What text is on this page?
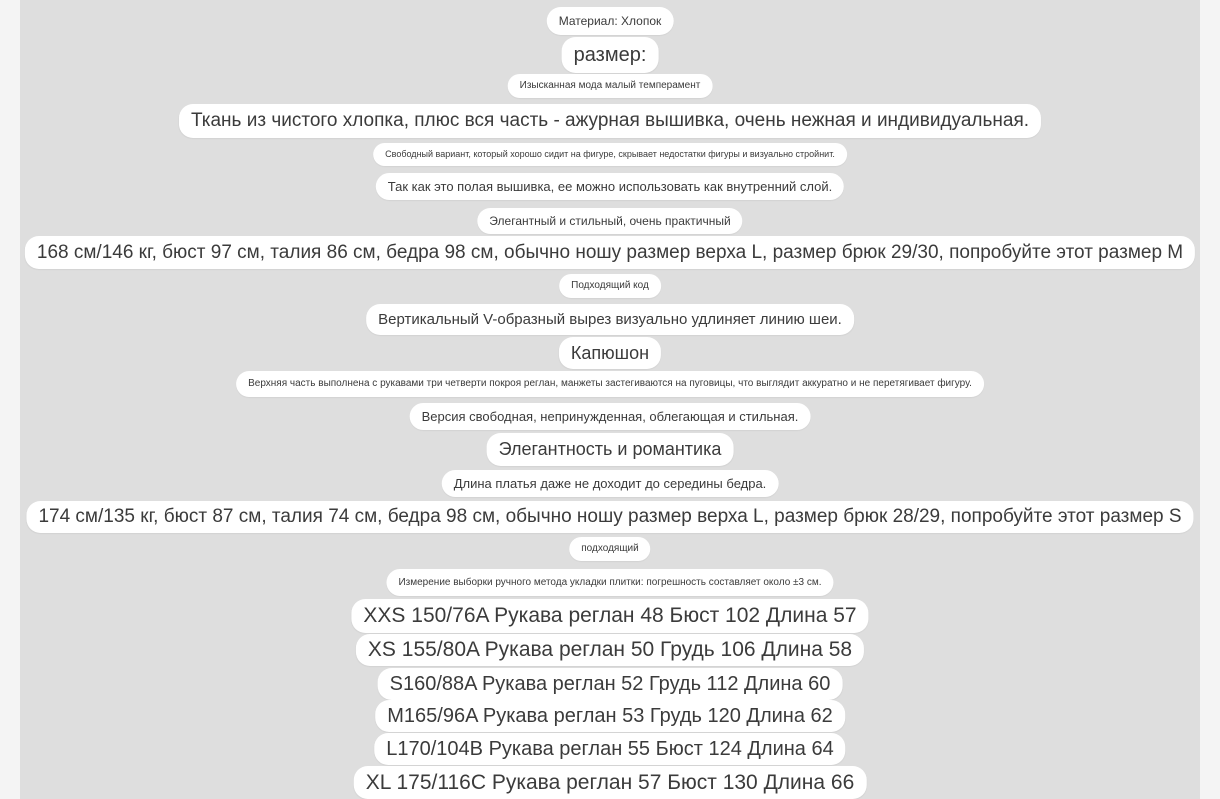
Материал: Хлопок
размер:
Изысканная мода малый темперамент
Ткань из чистого хлопка, плюс вся часть - ажурная вышивка, очень нежная и индивидуальная.
Свободный вариант, который хорошо сидит на фигуре, скрывает недостатки фигуры и визуально стройнит.
Так как это полая вышивка, ее можно использовать как внутренний слой.
Элегантный и стильный, очень практичный
168 см/146 кг, бюст 97 см, талия 86 см, бедра 98 см, обычно ношу размер верха L, размер брюк 29/30, попробуйте этот размер M
Подходящий код
Вертикальный V-образный вырез визуально удлиняет линию шеи.
Капюшон
Верхняя часть выполнена с рукавами три четверти покроя реглан, манжеты застегиваются на пуговицы, что выглядит аккуратно и не перетягивает фигуру.
Версия свободная, непринужденная, облегающая и стильная.
Элегантность и романтика
Длина платья даже не доходит до середины бедра.
174 см/135 кг, бюст 87 см, талия 74 см, бедра 98 см, обычно ношу размер верха L, размер брюк 28/29, попробуйте этот размер S
подходящий
Измерение выборки ручного метода укладки плитки: погрешность составляет около ±3 см.
XXS 150/76A Рукава реглан 48 Бюст 102 Длина 57
XS 155/80A Рукава реглан 50 Грудь 106 Длина 58
S160/88A Рукава реглан 52 Грудь 112 Длина 60
M165/96A Рукава реглан 53 Грудь 120 Длина 62
L170/104B Рукава реглан 55 Бюст 124 Длина 64
XL 175/116C Рукава реглан 57 Бюст 130 Длина 66
